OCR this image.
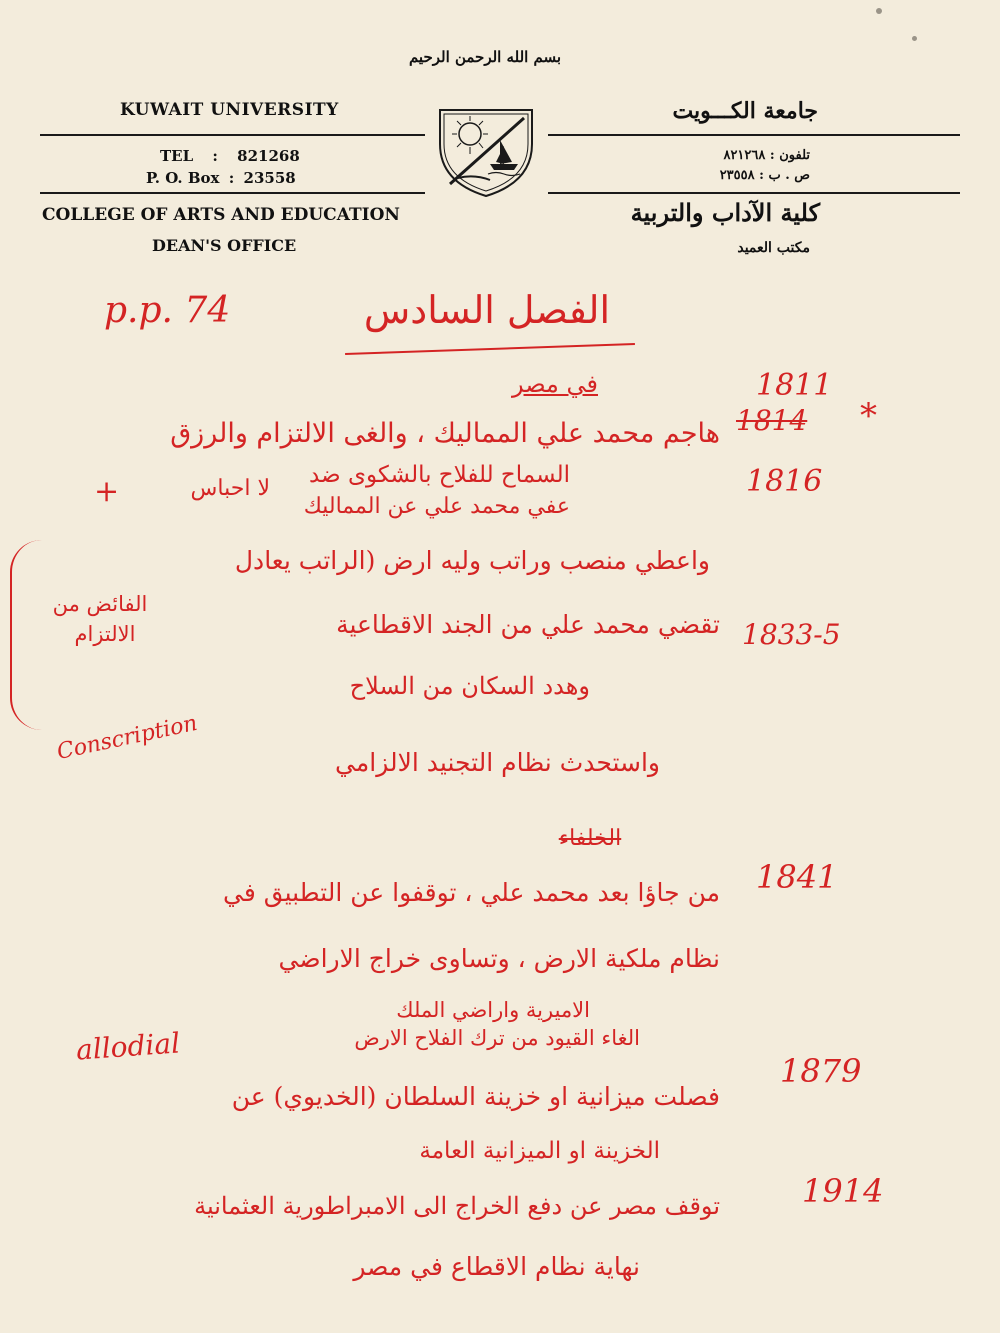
بسم الله الرحمن الرحيم
KUWAIT UNIVERSITY	جامعة الكـــويت
TEL : 821268
P. O. Box : 23558
تلفون : ٨٢١٢٦٨
ص . ب : ٢٣٥٥٨
COLLEGE OF ARTS AND EDUCATION
DEAN'S OFFICE
كلية الآداب والتربية
مكتب العميد
p.p. 74	الفصل السادس
في مصر	1811
1814 *
هاجم محمد علي المماليك ، والغى الالتزام والرزق
السماح للفلاح بالشكوى ضد
لا احباس
+	عفي محمد علي عن المماليك
1816
واعطي منصب وراتب وليه ارض (الراتب يعادل
الفائض من
الالتزام	1833-5
تقضي محمد علي من الجند الاقطاعية
وهدد السكان من السلاح
واستحدث نظام التجنيد الالزامي
Conscription
الخلفاء
1841
من جاؤا بعد محمد علي ، توقفوا عن التطبيق في
نظام ملكية الارض ، وتساوى خراج الاراضي
الاميرية واراضي الملك
الغاء القيود من ترك الفلاح الارض
allodial
1879
فصلت ميزانية او خزينة السلطان (الخديوي) عن
الخزينة او الميزانية العامة
1914
توقف مصر عن دفع الخراج الى الامبراطورية العثمانية
نهاية نظام الاقطاع في مصر
